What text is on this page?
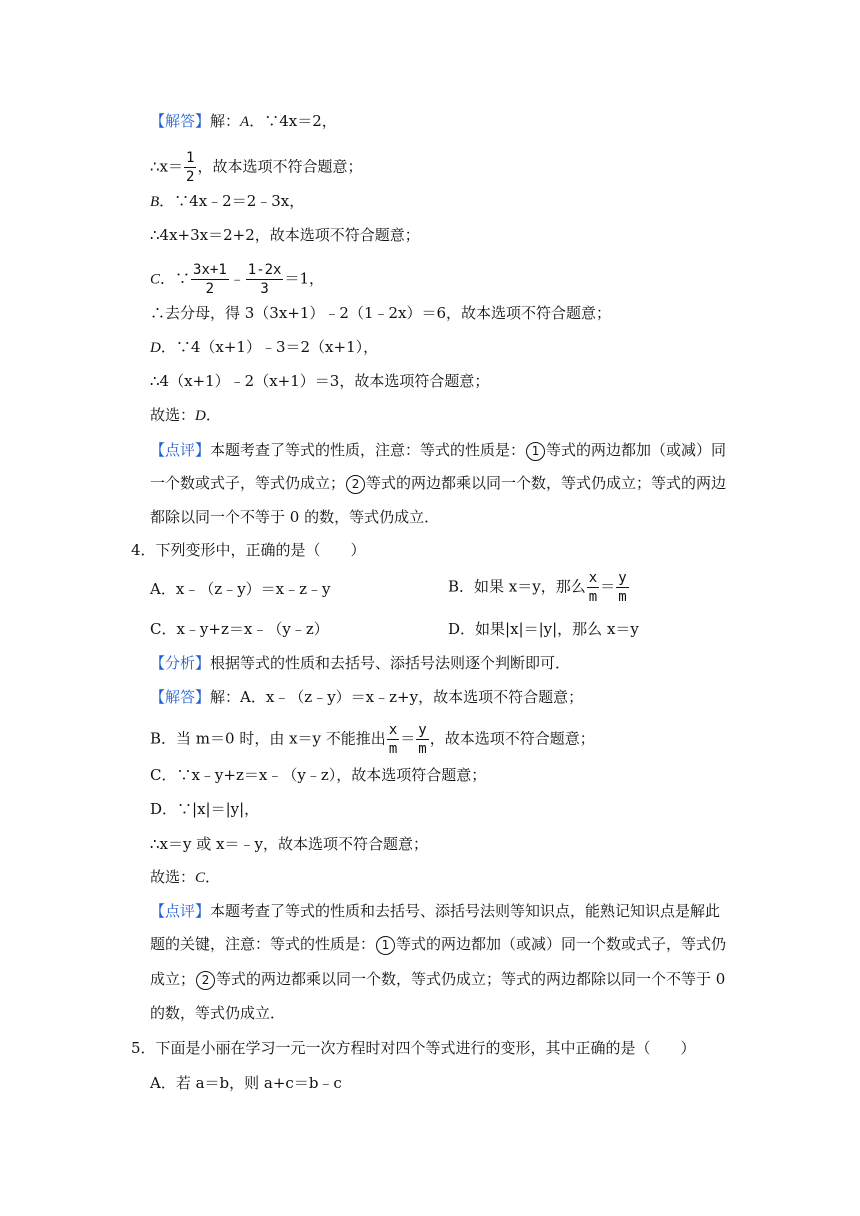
【解答】解：A．∵4x＝2，
∴x＝ $\frac{1}{2}$ ，故本选项不符合题意；
B．∵4x﹣2＝2﹣3x，
∴4x+3x＝2+2，故本选项不符合题意；
C．∵ $\frac{3x+1}{2}$ ﹣ $\frac{1-2x}{3} =1$，
∴去分母，得 3（3x+1）﹣2（1﹣2x）＝6，故本选项不符合题意；
D．∵4（x+1）﹣3＝2（x+1），
∴4（x+1）﹣2（x+1）＝3，故本选项符合题意；
故选：D．
【点评】本题考查了等式的性质，注意：等式的性质是： 1 等式的两边都加（或减）同
一个数或式子，等式仍成立； 2 等式的两边都乘以同一个数，等式仍成立；等式的两边
都除以同一个不等于 0 的数，等式仍成立．
4．下列变形中，正确的是（　　）
A．x﹣（z﹣y）＝x﹣z﹣y	B．如果 x＝y，那么 $\frac{x}{m} = \frac{y}{m}$
C．x﹣y+z＝x﹣（y﹣z）	D．如果|x|＝|y|，那么 x＝y
【分析】根据等式的性质和去括号、添括号法则逐个判断即可．
【解答】解：A．x﹣（z﹣y）＝x﹣z+y，故本选项不符合题意；
B．当 m＝0 时，由 x＝y 不能推出 $\frac{x}{m} = \frac{y}{m}$ ，故本选项不符合题意；
C．∵x﹣y+z＝x﹣（y﹣z），故本选项符合题意；
D．∵|x|＝|y|，
∴x＝y 或 x＝﹣y，故本选项不符合题意；
故选：C．
【点评】本题考查了等式的性质和去括号、添括号法则等知识点，能熟记知识点是解此
题的关键，注意：等式的性质是： 1 等式的两边都加（或减）同一个数或式子，等式仍
成立； 2 等式的两边都乘以同一个数，等式仍成立；等式的两边都除以同一个不等于 0
的数，等式仍成立．
5．下面是小丽在学习一元一次方程时对四个等式进行的变形，其中正确的是（　　）
A．若 a＝b，则 a+c＝b﹣c
